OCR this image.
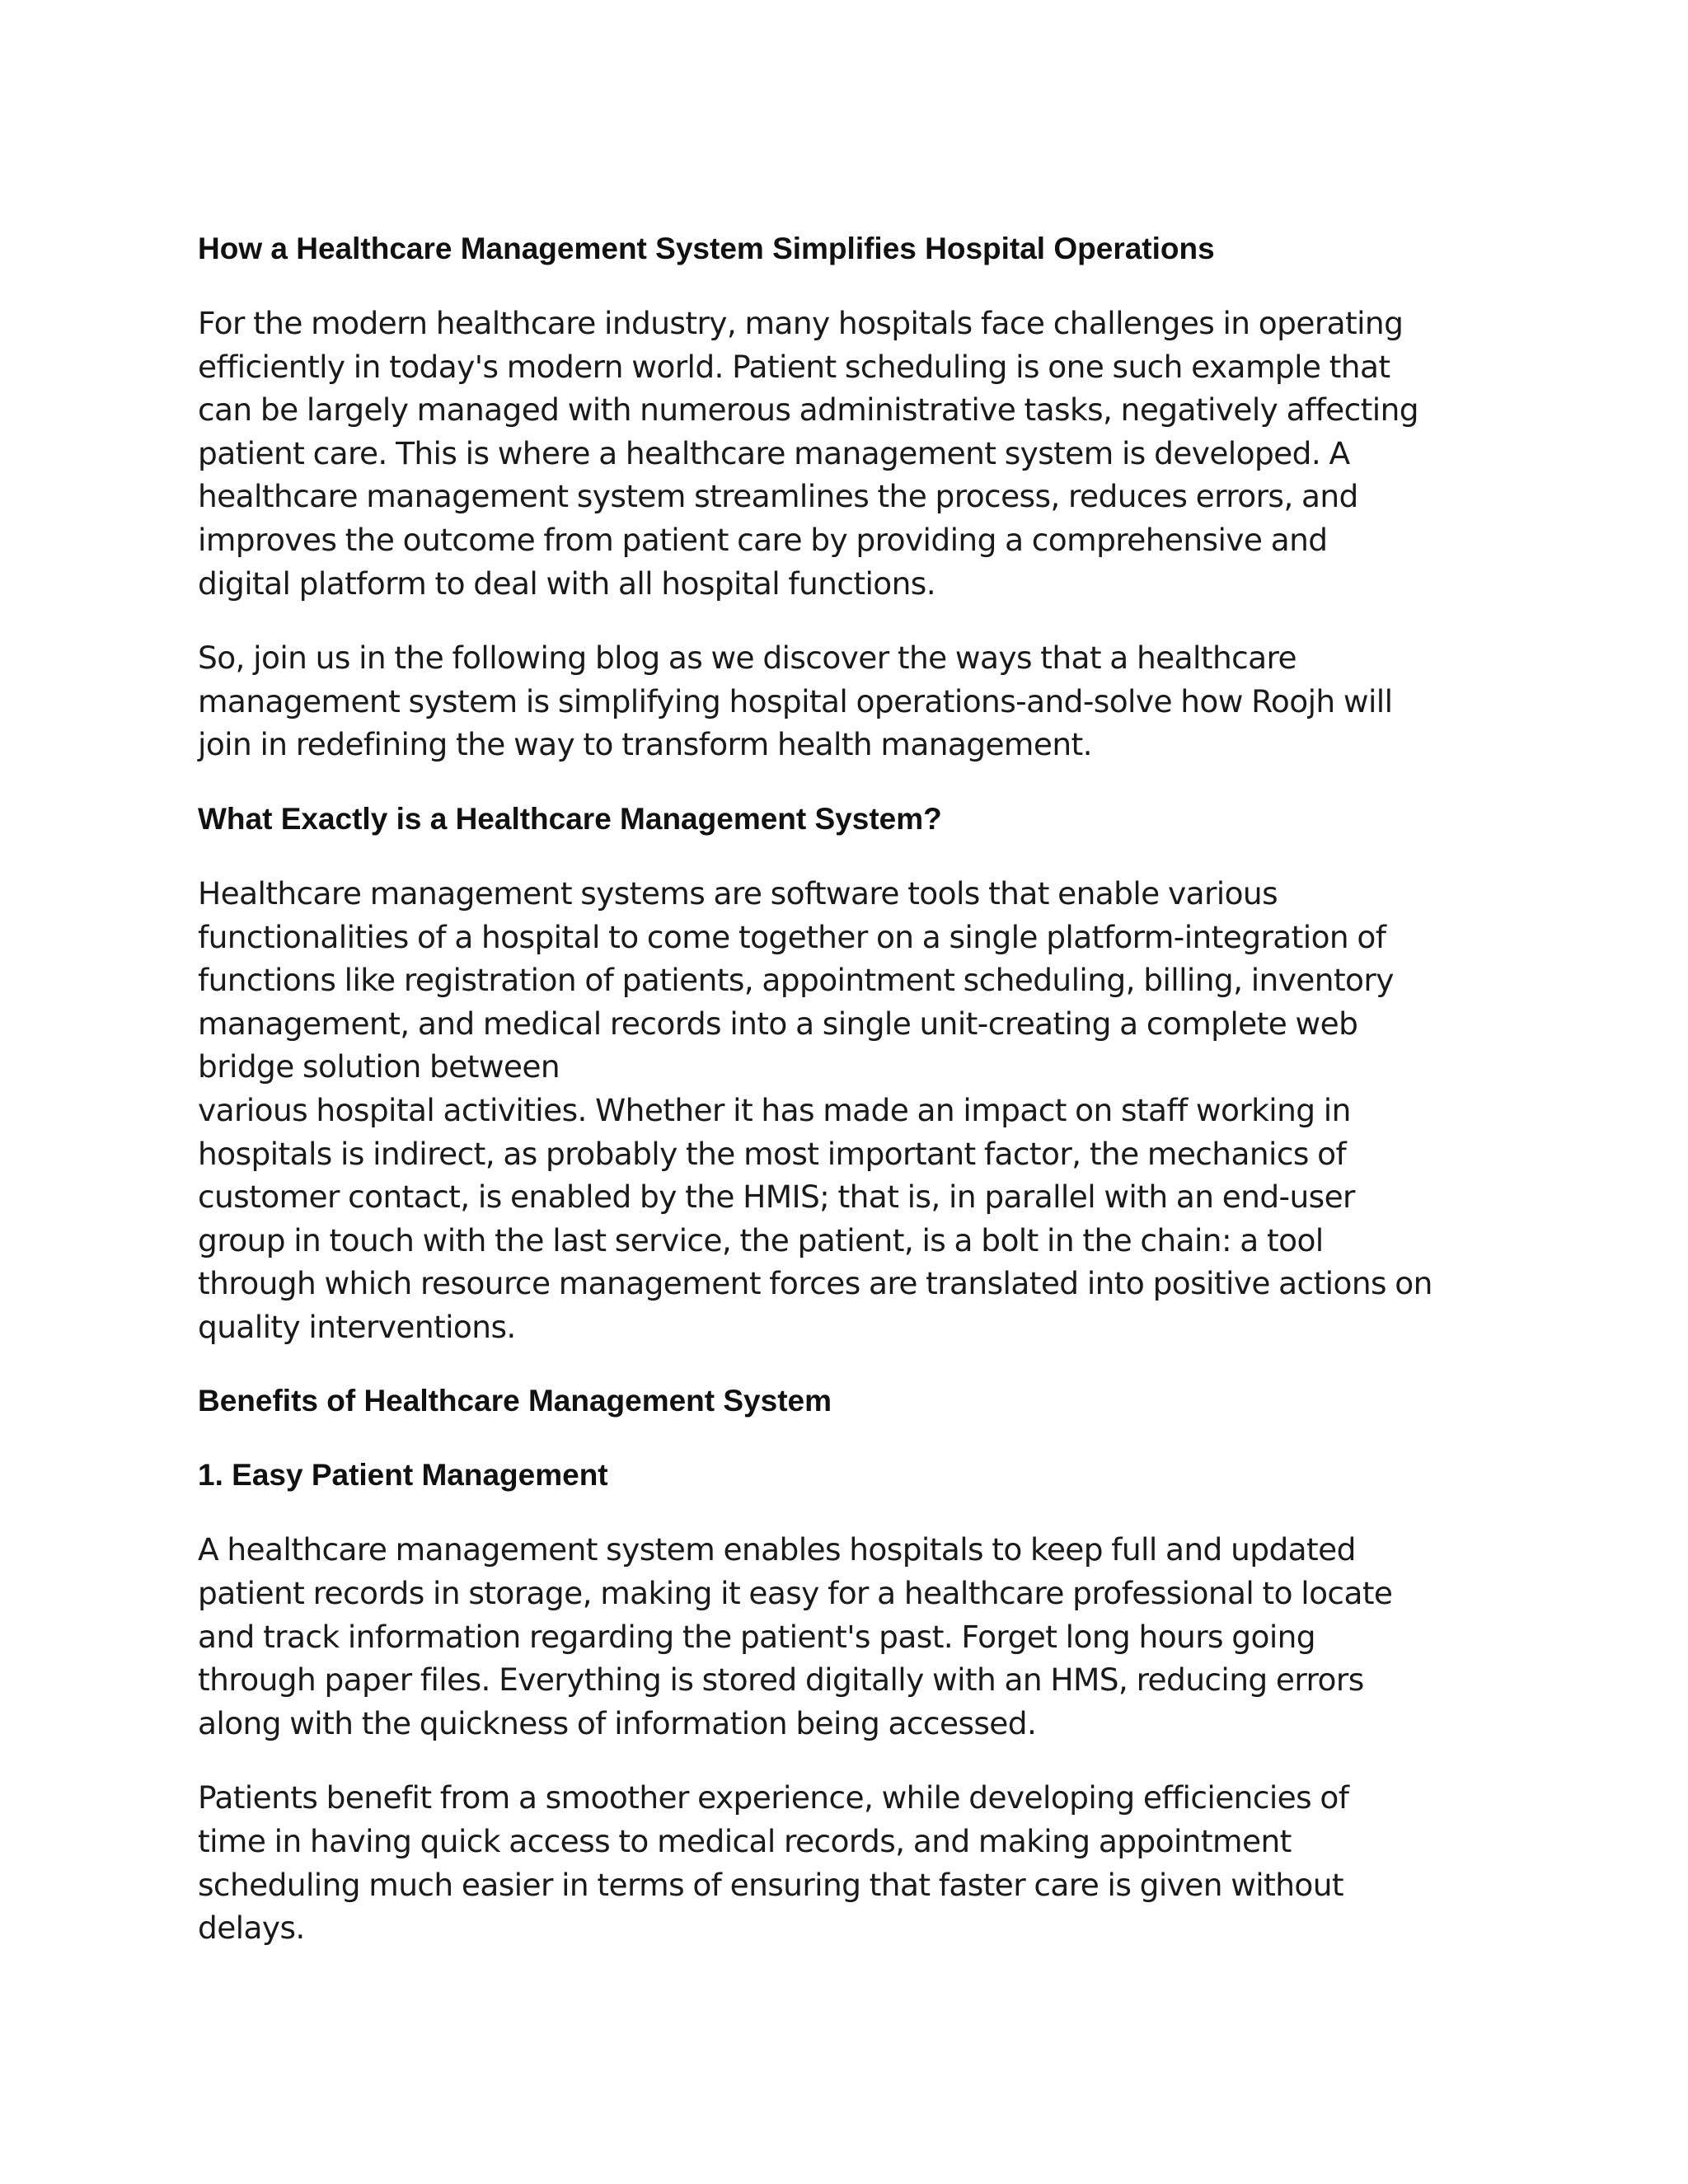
How a Healthcare Management System Simplifies Hospital Operations

For the modern healthcare industry, many hospitals face challenges in operating
efficiently in today's modern world. Patient scheduling is one such example that
can be largely managed with numerous administrative tasks, negatively affecting
patient care. This is where a healthcare management system is developed. A
healthcare management system streamlines the process, reduces errors, and
improves the outcome from patient care by providing a comprehensive and
digital platform to deal with all hospital functions.

So, join us in the following blog as we discover the ways that a healthcare
management system is simplifying hospital operations-and-solve how Roojh will
join in redefining the way to transform health management.

What Exactly is a Healthcare Management System?

Healthcare management systems are software tools that enable various
functionalities of a hospital to come together on a single platform-integration of
functions like registration of patients, appointment scheduling, billing, inventory
management, and medical records into a single unit-creating a complete web
bridge solution between
various hospital activities. Whether it has made an impact on staff working in
hospitals is indirect, as probably the most important factor, the mechanics of
customer contact, is enabled by the HMIS; that is, in parallel with an end-user
group in touch with the last service, the patient, is a bolt in the chain: a tool
through which resource management forces are translated into positive actions on
quality interventions.

Benefits of Healthcare Management System
1. Easy Patient Management

A healthcare management system enables hospitals to keep full and updated
patient records in storage, making it easy for a healthcare professional to locate
and track information regarding the patient's past. Forget long hours going
through paper files. Everything is stored digitally with an HMS, reducing errors
along with the quickness of information being accessed.

Patients benefit from a smoother experience, while developing efficiencies of
time in having quick access to medical records, and making appointment
scheduling much easier in terms of ensuring that faster care is given without
delays.
